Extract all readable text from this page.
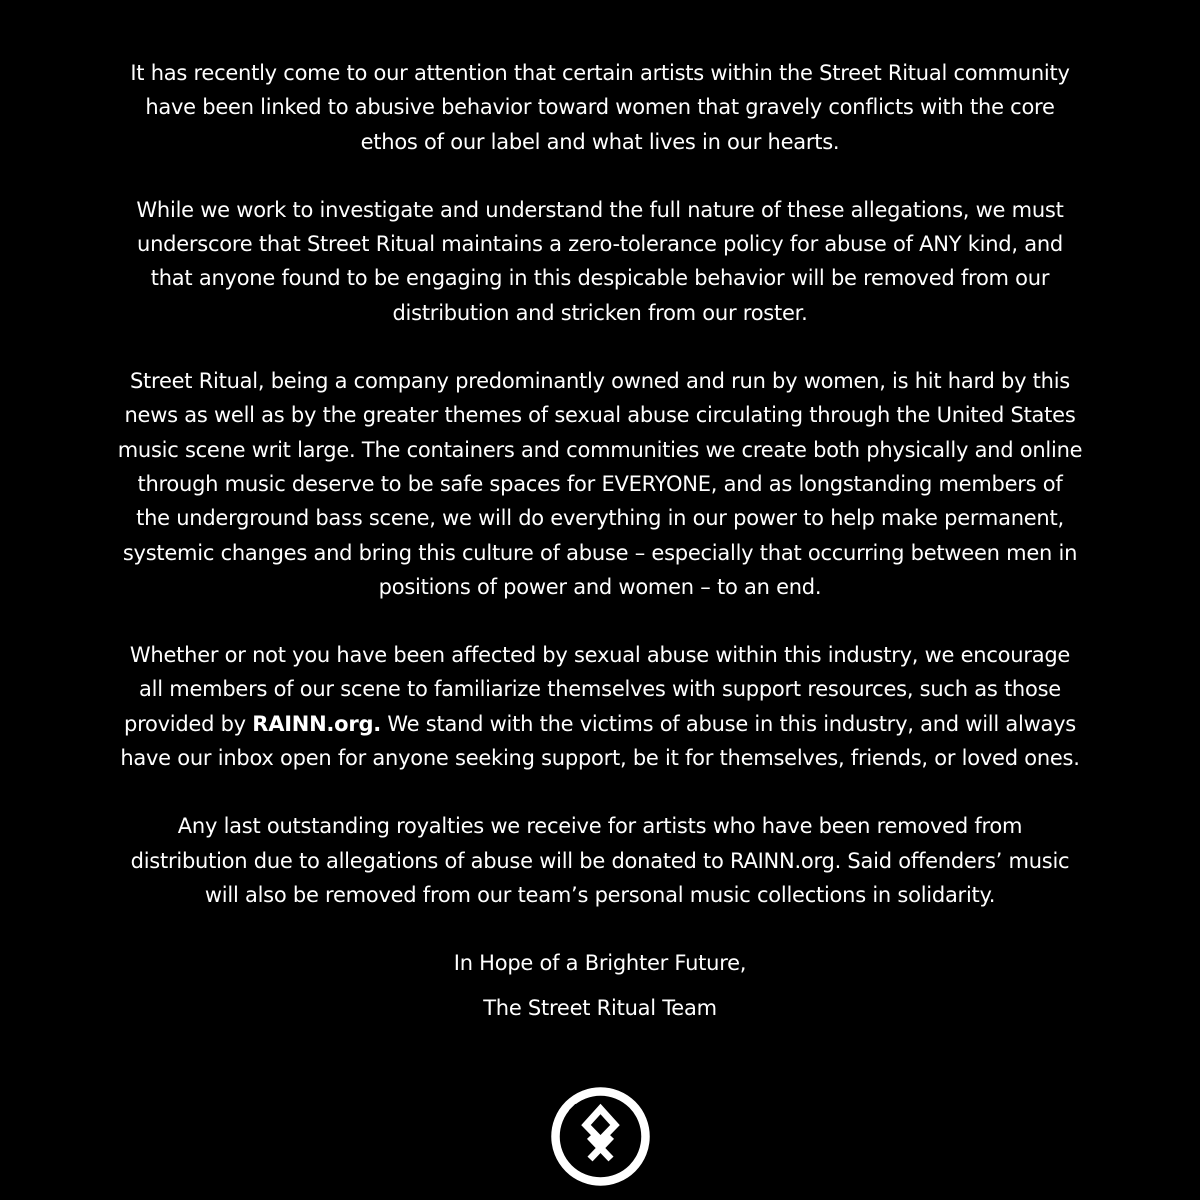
It has recently come to our attention that certain artists within the Street Ritual community
have been linked to abusive behavior toward women that gravely conflicts with the core
ethos of our label and what lives in our hearts.

While we work to investigate and understand the full nature of these allegations, we must
underscore that Street Ritual maintains a zero-tolerance policy for abuse of ANY kind, and
that anyone found to be engaging in this despicable behavior will be removed from our
distribution and stricken from our roster.

Street Ritual, being a company predominantly owned and run by women, is hit hard by this
news as well as by the greater themes of sexual abuse circulating through the United States
music scene writ large. The containers and communities we create both physically and online
through music deserve to be safe spaces for EVERYONE, and as longstanding members of
the underground bass scene, we will do everything in our power to help make permanent,
systemic changes and bring this culture of abuse – especially that occurring between men in
positions of power and women – to an end.

Whether or not you have been affected by sexual abuse within this industry, we encourage
all members of our scene to familiarize themselves with support resources, such as those
provided by RAINN.org. We stand with the victims of abuse in this industry, and will always
have our inbox open for anyone seeking support, be it for themselves, friends, or loved ones.

Any last outstanding royalties we receive for artists who have been removed from
distribution due to allegations of abuse will be donated to RAINN.org. Said offenders’ music
will also be removed from our team’s personal music collections in solidarity.

In Hope of a Brighter Future,
The Street Ritual Team
